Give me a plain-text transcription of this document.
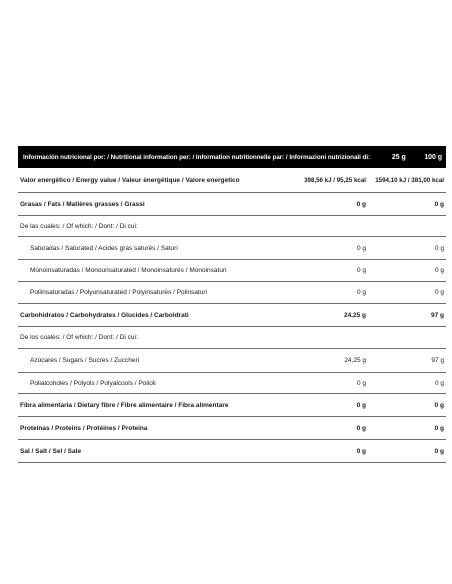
Información nutricional por: / Nutritional information per: / Information nutritionnelle par: / Informazioni nutrizionali di:	25 g	100 g
Valor energético / Energy value / Valeur énergétique / Valore energetico	398,56 kJ / 95,25 kcal	1594,10 kJ / 381,00 kcal
Grasas / Fats / Matières grasses / Grassi	0 g	0 g
De las cuales: / Of which: / Dont: / Di cui:
Saturadas / Saturated / Acides gras saturés / Saturi	0 g	0 g
Monoinsaturadas / Monounsaturated / Monoinsaturés / Monoinsaturi	0 g	0 g
Poliinsaturadas / Polyunsaturated / Polyinsaturés / Polinsaturi	0 g	0 g
Carbohidratos / Carbohydrates / Glucides / Carboidrati	24,25 g	97 g
De los cuales: / Of which: / Dont: / Di cui:
Azúcares / Sugars / Sucres / Zuccheri	24,25 g	97 g
Polialcoholes / Polyols / Polyalcools / Polioli	0 g	0 g
Fibra alimentaria / Dietary fibre / Fibre alimentaire / Fibra alimentare	0 g	0 g
Proteínas / Proteins / Protéines / Proteina	0 g	0 g
Sal / Salt / Sel / Sale	0 g	0 g
